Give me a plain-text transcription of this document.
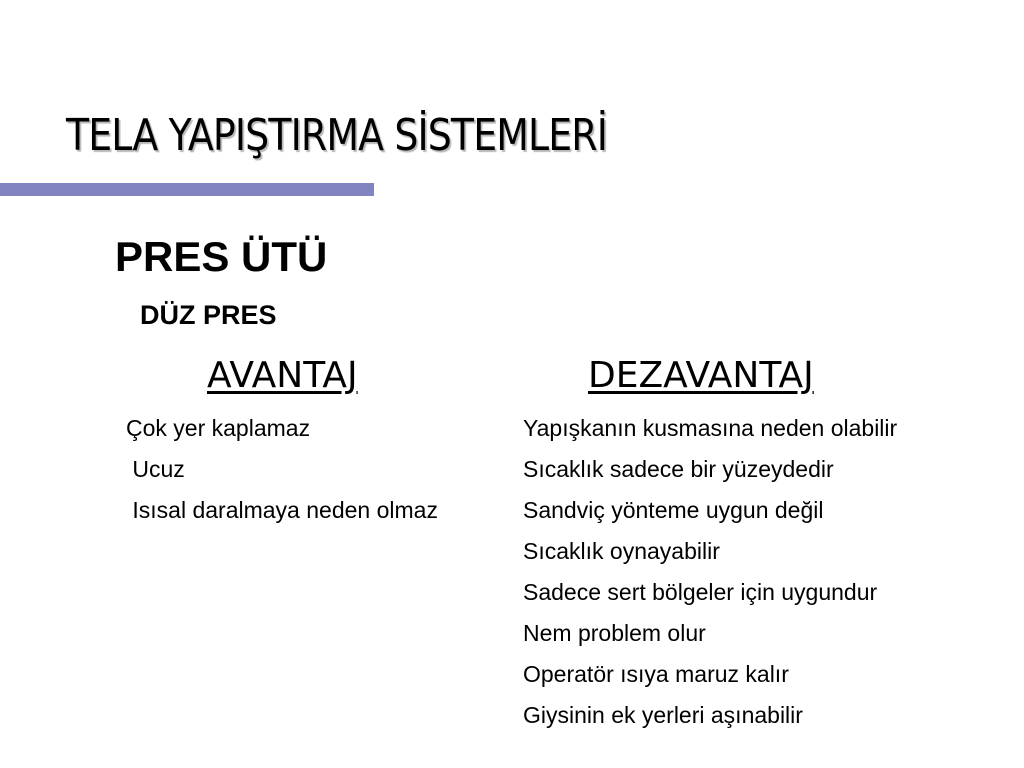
TELA YAPIŞTIRMA SİSTEMLERİ
PRES ÜTÜ
DÜZ PRES
AVANTAJ	DEZAVANTAJ
Çok yer kaplamaz
Ucuz
Isısal daralmaya neden olmaz
Yapışkanın kusmasına neden olabilir
Sıcaklık sadece bir yüzeydedir
Sandviç yönteme uygun değil
Sıcaklık oynayabilir
Sadece sert bölgeler için uygundur
Nem problem olur
Operatör ısıya maruz kalır
Giysinin ek yerleri aşınabilir
